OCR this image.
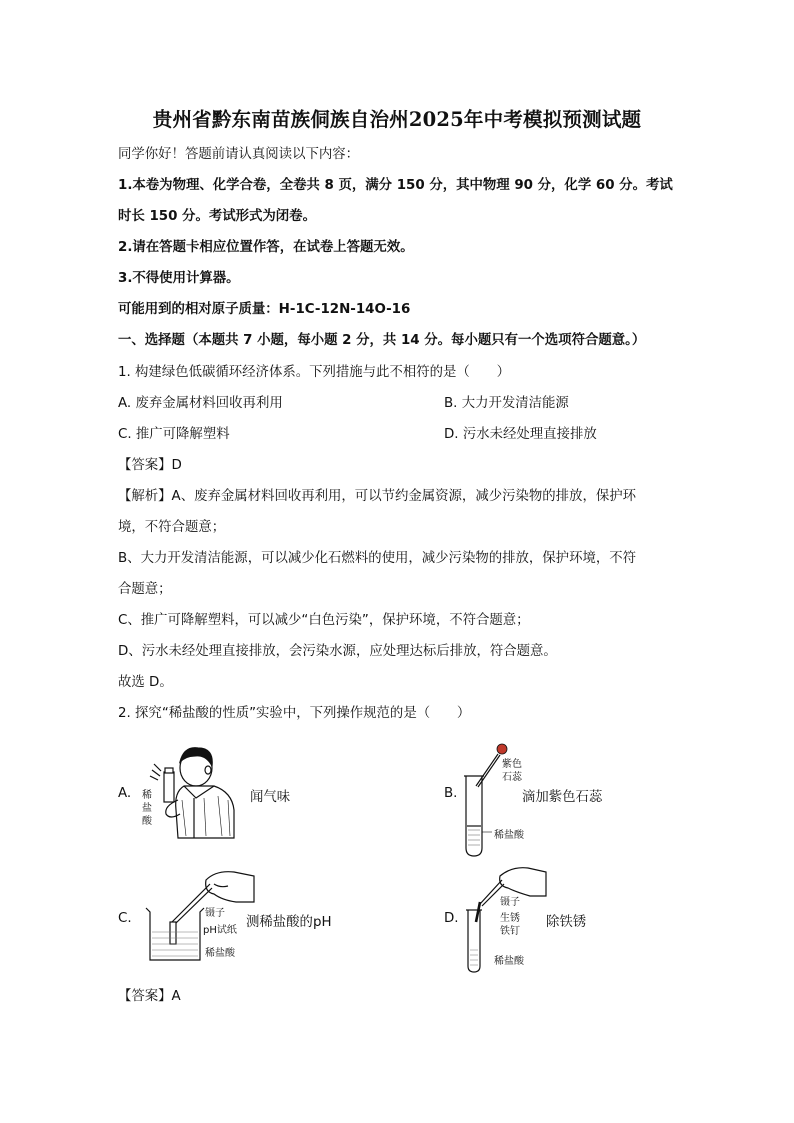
贵州省黔东南苗族侗族自治州2025年中考模拟预测试题
同学你好！答题前请认真阅读以下内容：
1.本卷为物理、化学合卷，全卷共 8 页，满分 150 分，其中物理 90 分，化学 60 分。考试
时长 150 分。考试形式为闭卷。
2.请在答题卡相应位置作答，在试卷上答题无效。
3.不得使用计算器。
可能用到的相对原子质量：H-1C-12N-14O-16
一、选择题（本题共 7 小题，每小题 2 分，共 14 分。每小题只有一个选项符合题意。）
1. 构建绿色低碳循环经济体系。下列措施与此不相符的是（　　）
A. 废弃金属材料回收再利用	B. 大力开发清洁能源
C. 推广可降解塑料	D. 污水未经处理直接排放
【答案】D
【解析】A、废弃金属材料回收再利用，可以节约金属资源，减少污染物的排放，保护环
境，不符合题意；
B、大力开发清洁能源，可以减少化石燃料的使用，减少污染物的排放，保护环境，不符
合题意；
C、推广可降解塑料，可以减少“白色污染”，保护环境，不符合题意；
D、污水未经处理直接排放，会污染水源，应处理达标后排放，符合题意。
故选 D。
2. 探究“稀盐酸的性质”实验中，下列操作规范的是（　　）
A. 稀
盐
酸
闻气味	B.
紫色
石蕊
稀盐酸
滴加紫色石蕊
C.	镊子
pH试纸
稀盐酸
测稀盐酸的pH	D.
镊子
生锈
铁钉
稀盐酸
除铁锈
【答案】A
